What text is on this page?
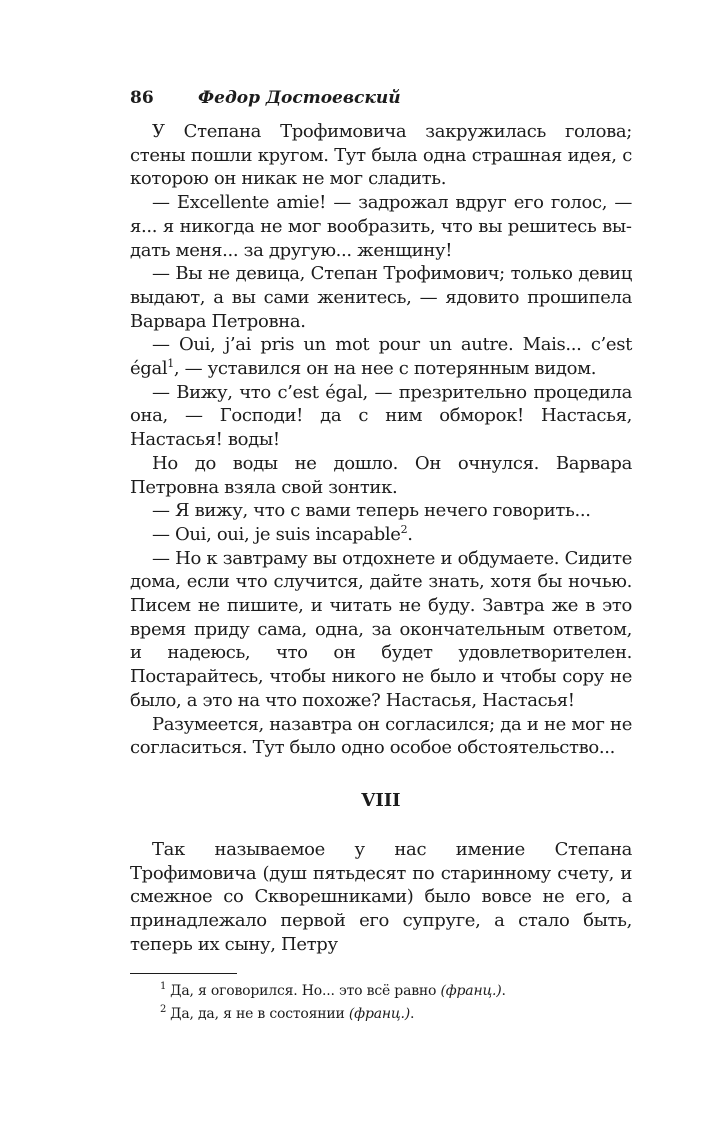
86	Федор Достоевский

У Степана Трофимовича закружилась голова; стены пошли кругом. Тут была одна страшная идея, с которою он никак не мог сладить.

— Excellente amie! — задрожал вдруг его голос, — я... я никогда не мог вообразить, что вы решитесь выдать меня... за другую... женщину!

— Вы не девица, Степан Трофимович; только девиц выдают, а вы сами женитесь, — ядовито прошипела Варвара Петровна.

— Oui, j’ai pris un mot pour un autre. Mais... c’est égal$^1$, — уставился он на нее с потерянным видом.

— Вижу, что c’est égal, — презрительно процедила она, — Господи! да с ним обморок! Настасья, Настасья! воды!

Но до воды не дошло. Он очнулся. Варвара Петровна взяла свой зонтик.

— Я вижу, что с вами теперь нечего говорить...

— Oui, oui, je suis incapable$^2$.

— Но к завтраму вы отдохнете и обдумаете. Сидите дома, если что случится, дайте знать, хотя бы ночью. Писем не пишите, и читать не буду. Завтра же в это время приду сама, одна, за окончательным ответом, и надеюсь, что он будет удовлетворителен. Постарайтесь, чтобы никого не было и чтобы сору не было, а это на что похоже? Настасья, Настасья!

Разумеется, назавтра он согласился; да и не мог не согласиться. Тут было одно особое обстоятельство...

VIII

Так называемое у нас имение Степана Трофимовича (душ пятьдесят по старинному счету, и смежное со Скворешниками) было вовсе не его, а принадлежало первой его супруге, а стало быть, теперь их сыну, Петру

$^1$ Да, я оговорился. Но... это всё равно (франц.).
$^2$ Да, да, я не в состоянии (франц.).
